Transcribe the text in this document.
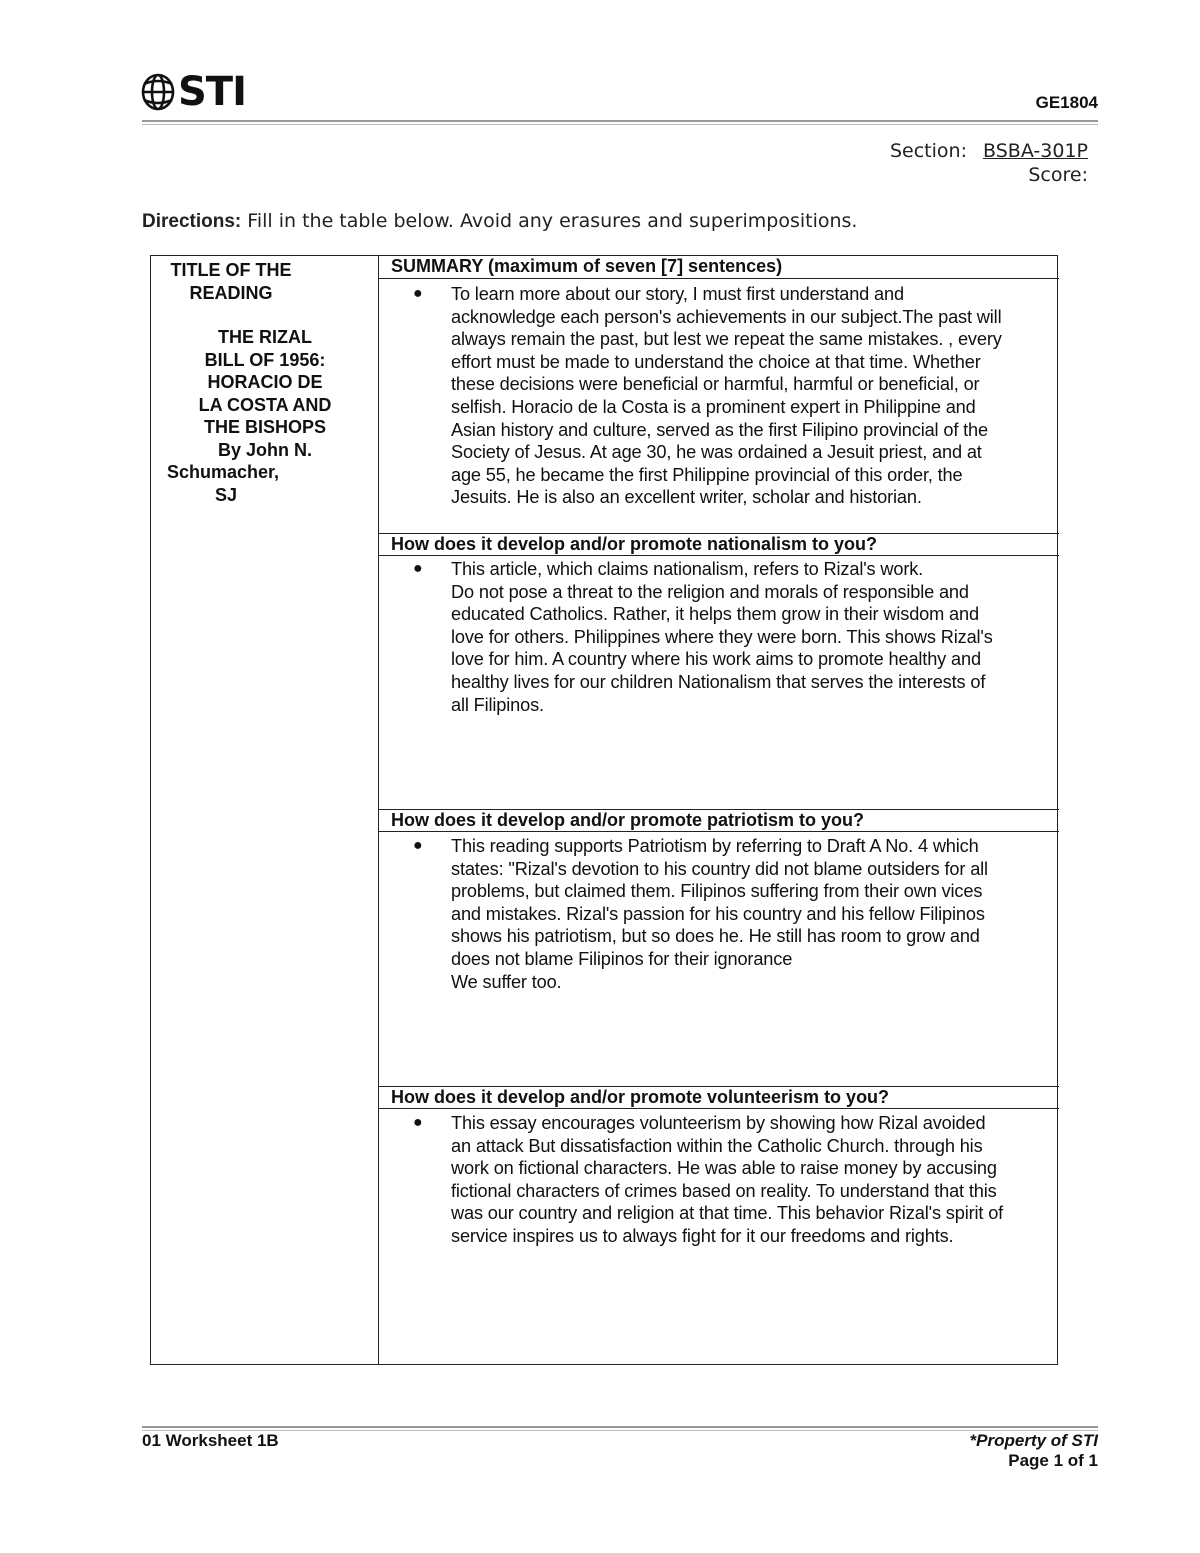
STI	GE1804
Section: BSBA-301P
Score:
Directions: Fill in the table below. Avoid any erasures and superimpositions.
TITLE OF THE
READING
THE RIZAL
BILL OF 1956:
HORACIO DE
LA COSTA AND
THE BISHOPS
By John N.
Schumacher,
SJ
SUMMARY (maximum of seven [7] sentences)
● To learn more about our story, I must first understand and
acknowledge each person's achievements in our subject.The past will
always remain the past, but lest we repeat the same mistakes. , every
effort must be made to understand the choice at that time. Whether
these decisions were beneficial or harmful, harmful or beneficial, or
selfish. Horacio de la Costa is a prominent expert in Philippine and
Asian history and culture, served as the first Filipino provincial of the
Society of Jesus. At age 30, he was ordained a Jesuit priest, and at
age 55, he became the first Philippine provincial of this order, the
Jesuits. He is also an excellent writer, scholar and historian.
How does it develop and/or promote nationalism to you?
● This article, which claims nationalism, refers to Rizal's work.
Do not pose a threat to the religion and morals of responsible and
educated Catholics. Rather, it helps them grow in their wisdom and
love for others. Philippines where they were born. This shows Rizal's
love for him. A country where his work aims to promote healthy and
healthy lives for our children Nationalism that serves the interests of
all Filipinos.
How does it develop and/or promote patriotism to you?
● This reading supports Patriotism by referring to Draft A No. 4 which
states: "Rizal's devotion to his country did not blame outsiders for all
problems, but claimed them. Filipinos suffering from their own vices
and mistakes. Rizal's passion for his country and his fellow Filipinos
shows his patriotism, but so does he. He still has room to grow and
does not blame Filipinos for their ignorance
We suffer too.
How does it develop and/or promote volunteerism to you?
● This essay encourages volunteerism by showing how Rizal avoided
an attack But dissatisfaction within the Catholic Church. through his
work on fictional characters. He was able to raise money by accusing
fictional characters of crimes based on reality. To understand that this
was our country and religion at that time. This behavior Rizal's spirit of
service inspires us to always fight for it our freedoms and rights.
01 Worksheet 1B	*Property of STI
Page 1 of 1
